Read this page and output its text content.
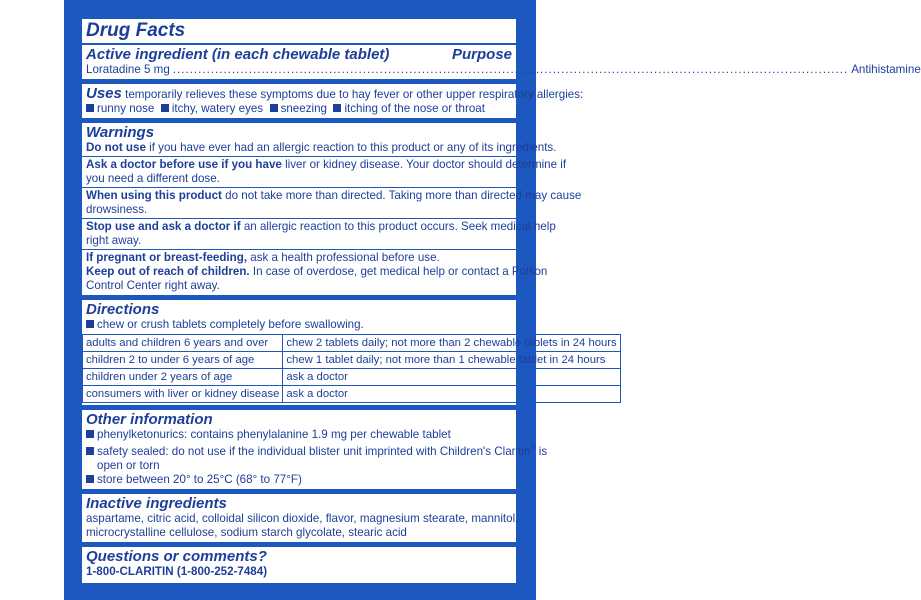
Drug Facts
Active ingredient (in each chewable tablet)	Purpose
Loratadine 5 mg ................................................................................................................................................................ Antihistamine
Uses temporarily relieves these symptoms due to hay fever or other upper respiratory allergies:
runny nose itchy, watery eyes sneezing itching of the nose or throat
Warnings
Do not use if you have ever had an allergic reaction to this product or any of its ingredients.
Ask a doctor before use if you have liver or kidney disease. Your doctor should determine if
you need a different dose.
When using this product do not take more than directed. Taking more than directed may cause
drowsiness.
Stop use and ask a doctor if an allergic reaction to this product occurs. Seek medical help
right away.
If pregnant or breast-feeding, ask a health professional before use.
Keep out of reach of children. In case of overdose, get medical help or contact a Poison
Control Center right away.
Directions
chew or crush tablets completely before swallowing.
adults and children 6 years and over	chew 2 tablets daily; not more than 2 chewable tablets in 24 hours
children 2 to under 6 years of age	chew 1 tablet daily; not more than 1 chewable tablet in 24 hours
children under 2 years of age	ask a doctor
consumers with liver or kidney disease	ask a doctor
Other information
phenylketonurics: contains phenylalanine 1.9 mg per chewable tablet
safety sealed: do not use if the individual blister unit imprinted with Children's Claritin® is
open or torn
store between 20° to 25°C (68° to 77°F)
Inactive ingredients
aspartame, citric acid, colloidal silicon dioxide, flavor, magnesium stearate, mannitol,
microcrystalline cellulose, sodium starch glycolate, stearic acid
Questions or comments?
1-800-CLARITIN (1-800-252-7484)
